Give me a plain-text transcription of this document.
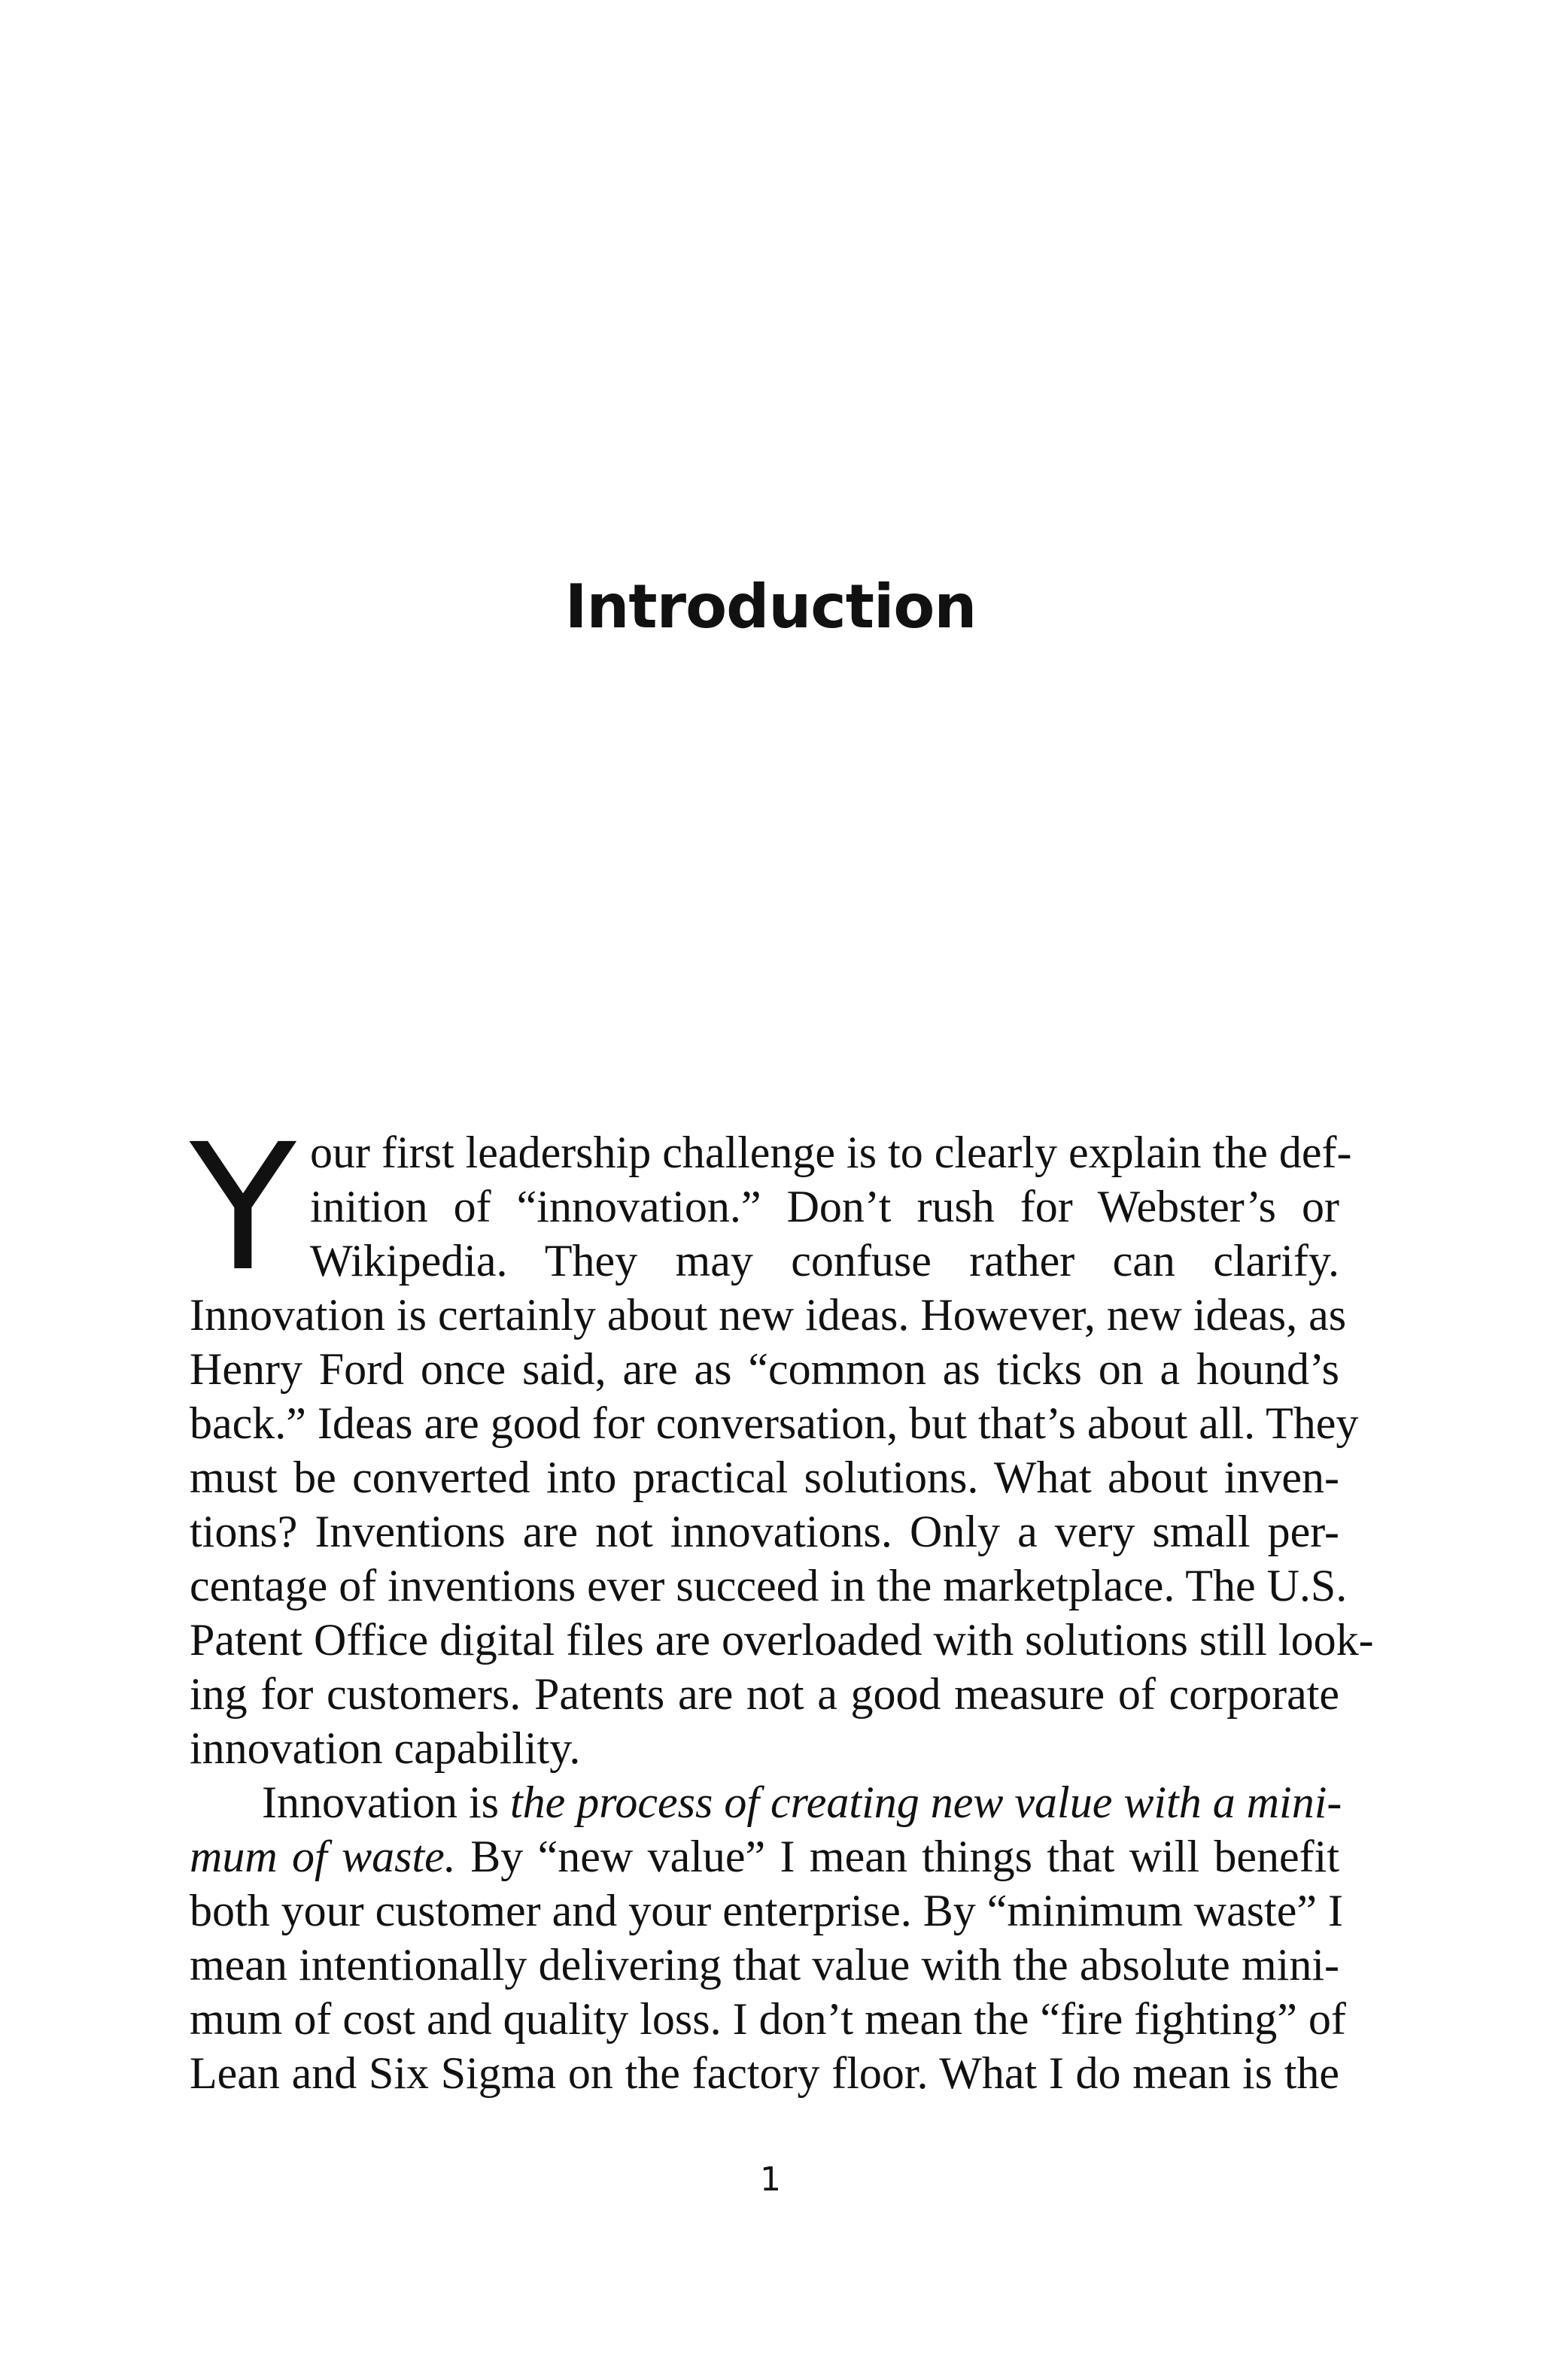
Introduction
Y our first leadership challenge is to clearly explain the def-
inition of “innovation.” Don’t rush for Webster’s or
Wikipedia. They may confuse rather can clarify.
Innovation is certainly about new ideas. However, new ideas, as
Henry Ford once said, are as “common as ticks on a hound’s
back.” Ideas are good for conversation, but that’s about all. They
must be converted into practical solutions. What about inven-
tions? Inventions are not innovations. Only a very small per-
centage of inventions ever succeed in the marketplace. The U.S.
Patent Office digital files are overloaded with solutions still look-
ing for customers. Patents are not a good measure of corporate
innovation capability.
Innovation is the process of creating new value with a mini-
mum of waste. By “new value” I mean things that will benefit
both your customer and your enterprise. By “minimum waste” I
mean intentionally delivering that value with the absolute mini-
mum of cost and quality loss. I don’t mean the “fire fighting” of
Lean and Six Sigma on the factory floor. What I do mean is the
1
